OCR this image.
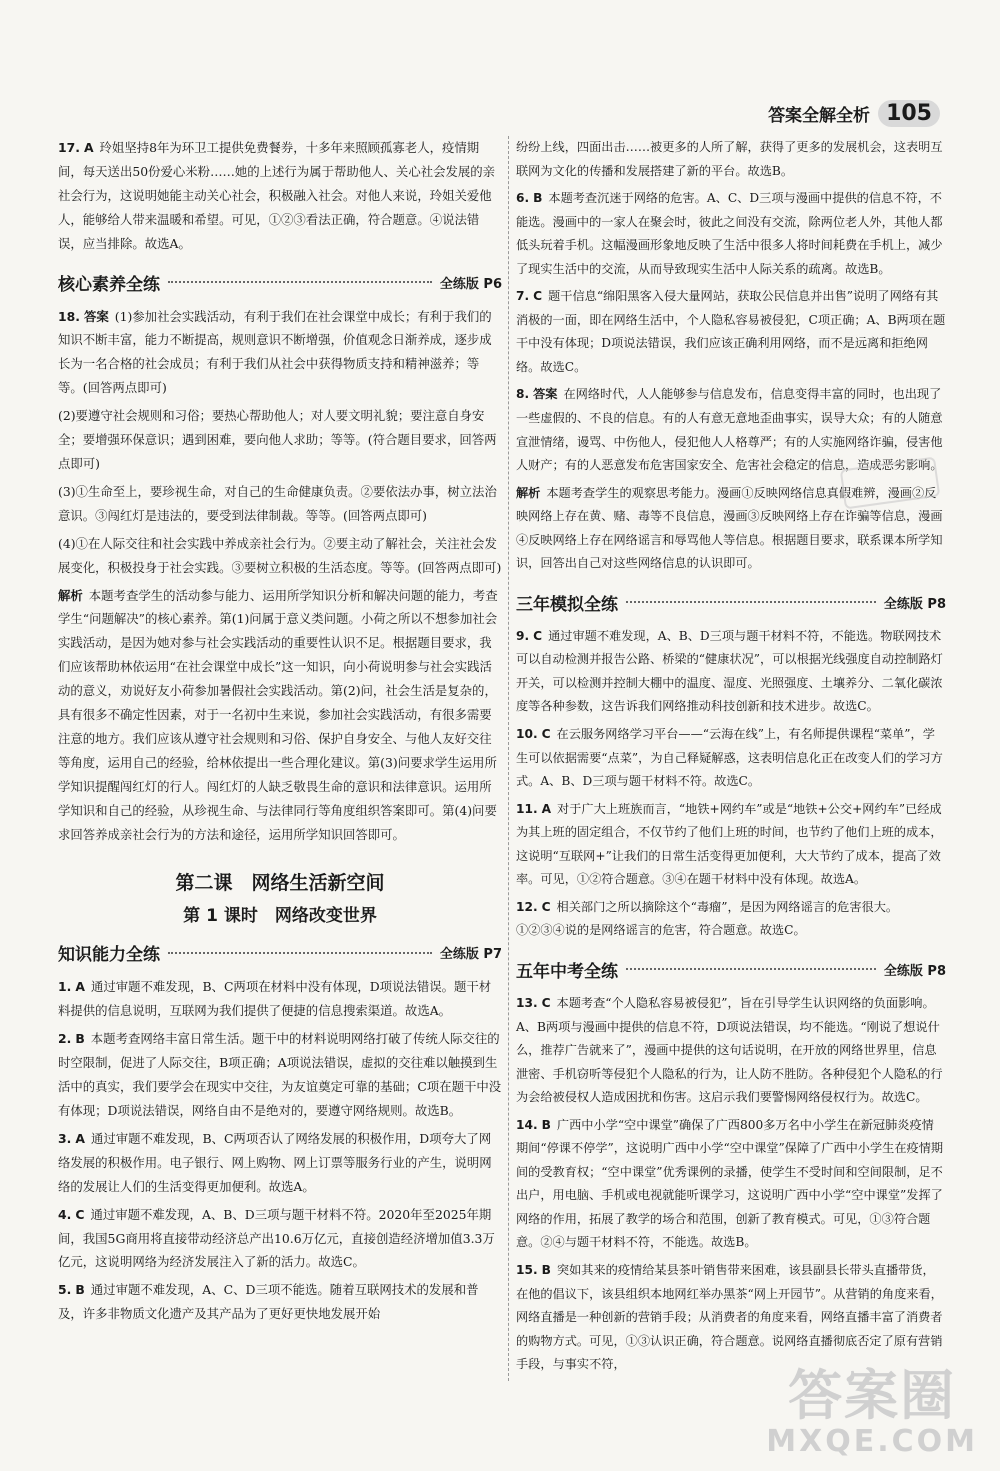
答案全解全析 105

17. A 玲姐坚持8年为环卫工提供免费餐券，十多年来照顾孤寡老人，疫情期间，每天送出50份爱心米粉……她的上述行为属于帮助他人、关心社会发展的亲社会行为，这说明她能主动关心社会，积极融入社会。对他人来说，玲姐关爱他人，能够给人带来温暖和希望。可见，①②③看法正确，符合题意。④说法错误，应当排除。故选A。

核心素养全练	全练版 P6

18. 答案 (1)参加社会实践活动，有利于我们在社会课堂中成长；有利于我们的知识不断丰富，能力不断提高，规则意识不断增强，价值观念日渐养成，逐步成长为一名合格的社会成员；有利于我们从社会中获得物质支持和精神滋养；等等。(回答两点即可)

(2)要遵守社会规则和习俗；要热心帮助他人；对人要文明礼貌；要注意自身安全；要增强环保意识；遇到困难，要向他人求助；等等。(符合题目要求，回答两点即可)

(3)①生命至上，要珍视生命，对自己的生命健康负责。②要依法办事，树立法治意识。③闯红灯是违法的，要受到法律制裁。等等。(回答两点即可)

(4)①在人际交往和社会实践中养成亲社会行为。②要主动了解社会，关注社会发展变化，积极投身于社会实践。③要树立积极的生活态度。等等。(回答两点即可)

解析 本题考查学生的活动参与能力、运用所学知识分析和解决问题的能力，考查学生“问题解决”的核心素养。第(1)问属于意义类问题。小荷之所以不想参加社会实践活动，是因为她对参与社会实践活动的重要性认识不足。根据题目要求，我们应该帮助林依运用“在社会课堂中成长”这一知识，向小荷说明参与社会实践活动的意义，劝说好友小荷参加暑假社会实践活动。第(2)问，社会生活是复杂的，具有很多不确定性因素，对于一名初中生来说，参加社会实践活动，有很多需要注意的地方。我们应该从遵守社会规则和习俗、保护自身安全、与他人友好交往等角度，运用自己的经验，给林依提出一些合理化建议。第(3)问要求学生运用所学知识提醒闯红灯的行人。闯红灯的人缺乏敬畏生命的意识和法律意识。运用所学知识和自己的经验，从珍视生命、与法律同行等角度组织答案即可。第(4)问要求回答养成亲社会行为的方法和途径，运用所学知识回答即可。

第二课　网络生活新空间
第 1 课时　网络改变世界
知识能力全练	全练版 P7

1. A 通过审题不难发现，B、C两项在材料中没有体现，D项说法错误。题干材料提供的信息说明，互联网为我们提供了便捷的信息搜索渠道。故选A。

2. B 本题考查网络丰富日常生活。题干中的材料说明网络打破了传统人际交往的时空限制，促进了人际交往，B项正确；A项说法错误，虚拟的交往难以触摸到生活中的真实，我们要学会在现实中交往，为友谊奠定可靠的基础；C项在题干中没有体现；D项说法错误，网络自由不是绝对的，要遵守网络规则。故选B。

3. A 通过审题不难发现，B、C两项否认了网络发展的积极作用，D项夸大了网络发展的积极作用。电子银行、网上购物、网上订票等服务行业的产生，说明网络的发展让人们的生活变得更加便利。故选A。

4. C 通过审题不难发现，A、B、D三项与题干材料不符。2020年至2025年期间，我国5G商用将直接带动经济总产出10.6万亿元，直接创造经济增加值3.3万亿元，这说明网络为经济发展注入了新的活力。故选C。

5. B 通过审题不难发现，A、C、D三项不能选。随着互联网技术的发展和普及，许多非物质文化遗产及其产品为了更好更快地发展开始

纷纷上线，四面出击……被更多的人所了解，获得了更多的发展机会，这表明互联网为文化的传播和发展搭建了新的平台。故选B。

6. B 本题考查沉迷于网络的危害。A、C、D三项与漫画中提供的信息不符，不能选。漫画中的一家人在聚会时，彼此之间没有交流，除两位老人外，其他人都低头玩着手机。这幅漫画形象地反映了生活中很多人将时间耗费在手机上，减少了现实生活中的交流，从而导致现实生活中人际关系的疏离。故选B。

7. C 题干信息“绵阳黑客入侵大量网站，获取公民信息并出售”说明了网络有其消极的一面，即在网络生活中，个人隐私容易被侵犯，C项正确；A、B两项在题干中没有体现；D项说法错误，我们应该正确利用网络，而不是远离和拒绝网络。故选C。

8. 答案 在网络时代，人人能够参与信息发布，信息变得丰富的同时，也出现了一些虚假的、不良的信息。有的人有意无意地歪曲事实，误导大众；有的人随意宣泄情绪，谩骂、中伤他人，侵犯他人人格尊严；有的人实施网络诈骗，侵害他人财产；有的人恶意发布危害国家安全、危害社会稳定的信息，造成恶劣影响。

解析 本题考查学生的观察思考能力。漫画①反映网络信息真假难辨，漫画②反映网络上存在黄、赌、毒等不良信息，漫画③反映网络上存在诈骗等信息，漫画④反映网络上存在网络谣言和辱骂他人等信息。根据题目要求，联系课本所学知识，回答出自己对这些网络信息的认识即可。

三年模拟全练	全练版 P8

9. C 通过审题不难发现，A、B、D三项与题干材料不符，不能选。物联网技术可以自动检测并报告公路、桥梁的“健康状况”，可以根据光线强度自动控制路灯开关，可以检测并控制大棚中的温度、湿度、光照强度、土壤养分、二氧化碳浓度等各种参数，这告诉我们网络推动科技创新和技术进步。故选C。

10. C 在云服务网络学习平台——“云海在线”上，有名师提供课程“菜单”，学生可以依据需要“点菜”，为自己释疑解惑，这表明信息化正在改变人们的学习方式。A、B、D三项与题干材料不符。故选C。

11. A 对于广大上班族而言，“地铁+网约车”或是“地铁+公交+网约车”已经成为其上班的固定组合，不仅节约了他们上班的时间，也节约了他们上班的成本，这说明“互联网+”让我们的日常生活变得更加便利，大大节约了成本，提高了效率。可见，①②符合题意。③④在题干材料中没有体现。故选A。

12. C 相关部门之所以摘除这个“毒瘤”，是因为网络谣言的危害很大。①②③④说的是网络谣言的危害，符合题意。故选C。

五年中考全练	全练版 P8

13. C 本题考查“个人隐私容易被侵犯”，旨在引导学生认识网络的负面影响。A、B两项与漫画中提供的信息不符，D项说法错误，均不能选。“刚说了想说什么，推荐广告就来了”，漫画中提供的这句话说明，在开放的网络世界里，信息泄密、手机窃听等侵犯个人隐私的行为，让人防不胜防。各种侵犯个人隐私的行为会给被侵权人造成困扰和伤害。这启示我们要警惕网络侵权行为。故选C。

14. B 广西中小学“空中课堂”确保了广西800多万名中小学生在新冠肺炎疫情期间“停课不停学”，这说明广西中小学“空中课堂”保障了广西中小学生在疫情期间的受教育权；“空中课堂”优秀课例的录播，使学生不受时间和空间限制，足不出户，用电脑、手机或电视就能听课学习，这说明广西中小学“空中课堂”发挥了网络的作用，拓展了教学的场合和范围，创新了教育模式。可见，①③符合题意。②④与题干材料不符，不能选。故选B。

15. B 突如其来的疫情给某县茶叶销售带来困难，该县副县长带头直播带货，在他的倡议下，该县组织本地网红举办黑茶“网上开园节”。从营销的角度来看，网络直播是一种创新的营销手段；从消费者的角度来看，网络直播丰富了消费者的购物方式。可见，①③认识正确，符合题意。说网络直播彻底否定了原有营销手段，与事实不符，	答案圈
MXQE.COM
